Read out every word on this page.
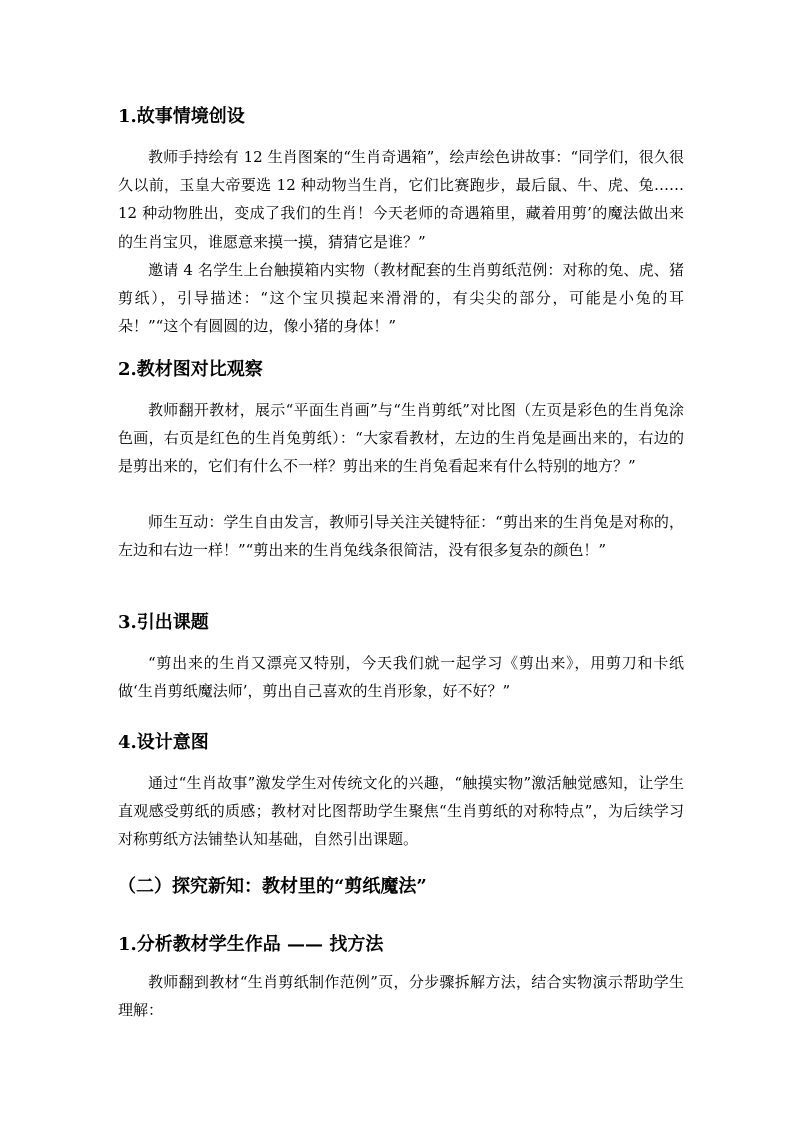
1.故事情境创设

教师手持绘有 12 生肖图案的“生肖奇遇箱”，绘声绘色讲故事：“同学们，很久很久以前，玉皇大帝要选 12 种动物当生肖，它们比赛跑步，最后鼠、牛、虎、兔……12 种动物胜出，变成了我们的生肖！今天老师的奇遇箱里，藏着用剪’的魔法做出来的生肖宝贝，谁愿意来摸一摸，猜猜它是谁？”

邀请 4 名学生上台触摸箱内实物（教材配套的生肖剪纸范例：对称的兔、虎、猪剪纸），引导描述：“这个宝贝摸起来滑滑的，有尖尖的部分，可能是小兔的耳朵！”“这个有圆圆的边，像小猪的身体！”

2.教材图对比观察

教师翻开教材，展示“平面生肖画”与“生肖剪纸”对比图（左页是彩色的生肖兔涂色画，右页是红色的生肖兔剪纸）：“大家看教材，左边的生肖兔是画出来的，右边的是剪出来的，它们有什么不一样？剪出来的生肖兔看起来有什么特别的地方？”

师生互动：学生自由发言，教师引导关注关键特征：“剪出来的生肖兔是对称的，左边和右边一样！”“剪出来的生肖兔线条很简洁，没有很多复杂的颜色！”

3.引出课题

“剪出来的生肖又漂亮又特别，今天我们就一起学习《剪出来》，用剪刀和卡纸做‘生肖剪纸魔法师’，剪出自己喜欢的生肖形象，好不好？”

4.设计意图

通过“生肖故事”激发学生对传统文化的兴趣，“触摸实物”激活触觉感知，让学生直观感受剪纸的质感；教材对比图帮助学生聚焦“生肖剪纸的对称特点”，为后续学习对称剪纸方法铺垫认知基础，自然引出课题。

（二）探究新知：教材里的“剪纸魔法”
1.分析教材学生作品 —— 找方法

教师翻到教材“生肖剪纸制作范例”页，分步骤拆解方法，结合实物演示帮助学生理解：
